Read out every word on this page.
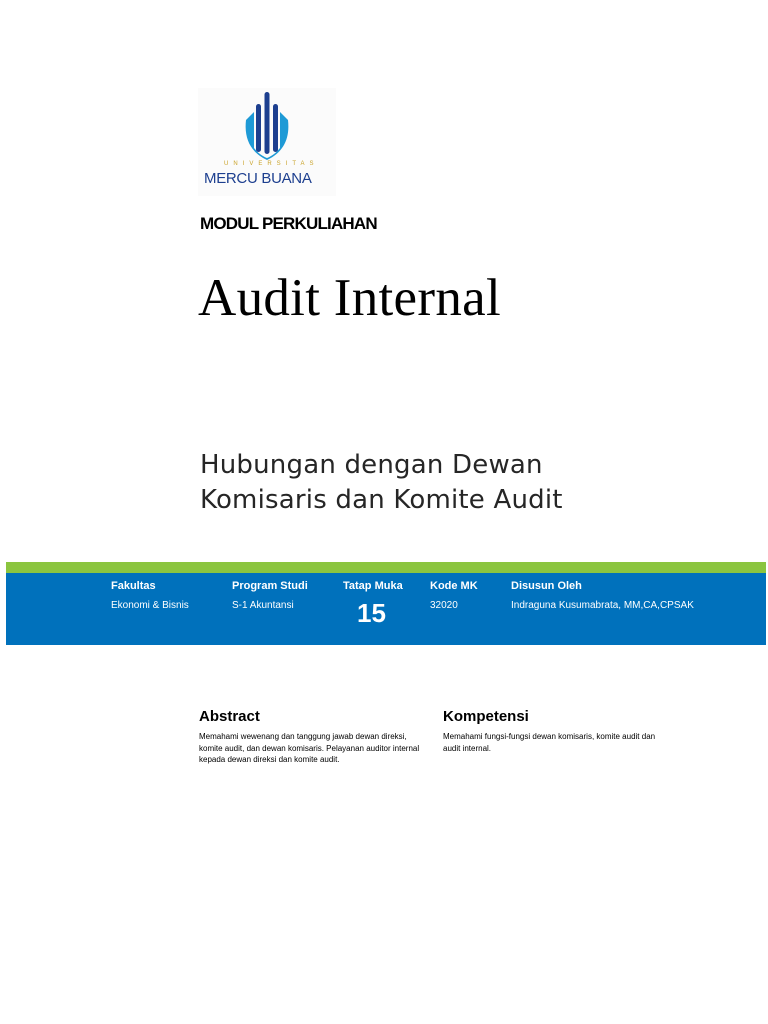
UNIVERSITAS
MERCU BUANA
MODUL PERKULIAHAN
Audit Internal
Hubungan dengan Dewan
Komisaris dan Komite Audit
Fakultas
Ekonomi & Bisnis
Program Studi
S-1 Akuntansi
Tatap Muka
15
Kode MK
32020
Disusun Oleh
Indraguna Kusumabrata, MM,CA,CPSAK
Abstract
Memahami wewenang dan tanggung jawab dewan direksi, komite audit, dan dewan komisaris. Pelayanan auditor internal kepada dewan direksi dan komite audit.
Kompetensi
Memahami fungsi-fungsi dewan komisaris, komite audit dan audit internal.
